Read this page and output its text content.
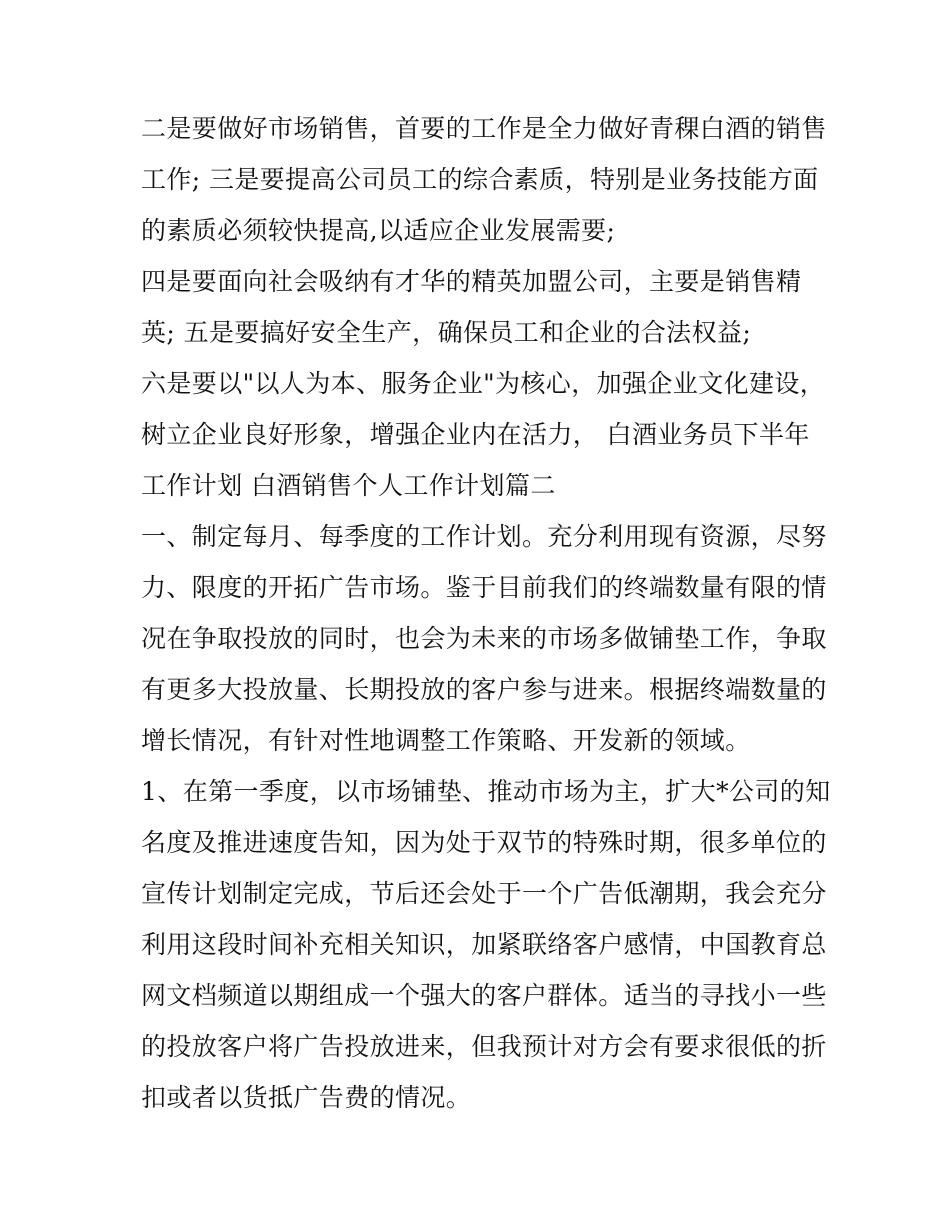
二是要做好市场销售，首要的工作是全力做好青稞白酒的销售
工作; 三是要提高公司员工的综合素质，特别是业务技能方面
的素质必须较快提高,以适应企业发展需要;
四是要面向社会吸纳有才华的精英加盟公司，主要是销售精
英; 五是要搞好安全生产，确保员工和企业的合法权益;
六是要以"以人为本、服务企业"为核心，加强企业文化建设，
树立企业良好形象，增强企业内在活力， 白酒业务员下半年
工作计划 白酒销售个人工作计划篇二
一、制定每月、每季度的工作计划。充分利用现有资源，尽努
力、限度的开拓广告市场。鉴于目前我们的终端数量有限的情
况在争取投放的同时，也会为未来的市场多做铺垫工作，争取
有更多大投放量、长期投放的客户参与进来。根据终端数量的
增长情况，有针对性地调整工作策略、开发新的领域。
1、在第一季度，以市场铺垫、推动市场为主，扩大*公司的知
名度及推进速度告知，因为处于双节的特殊时期，很多单位的
宣传计划制定完成，节后还会处于一个广告低潮期，我会充分
利用这段时间补充相关知识，加紧联络客户感情，中国教育总
网文档频道以期组成一个强大的客户群体。适当的寻找小一些
的投放客户将广告投放进来，但我预计对方会有要求很低的折
扣或者以货抵广告费的情况。
